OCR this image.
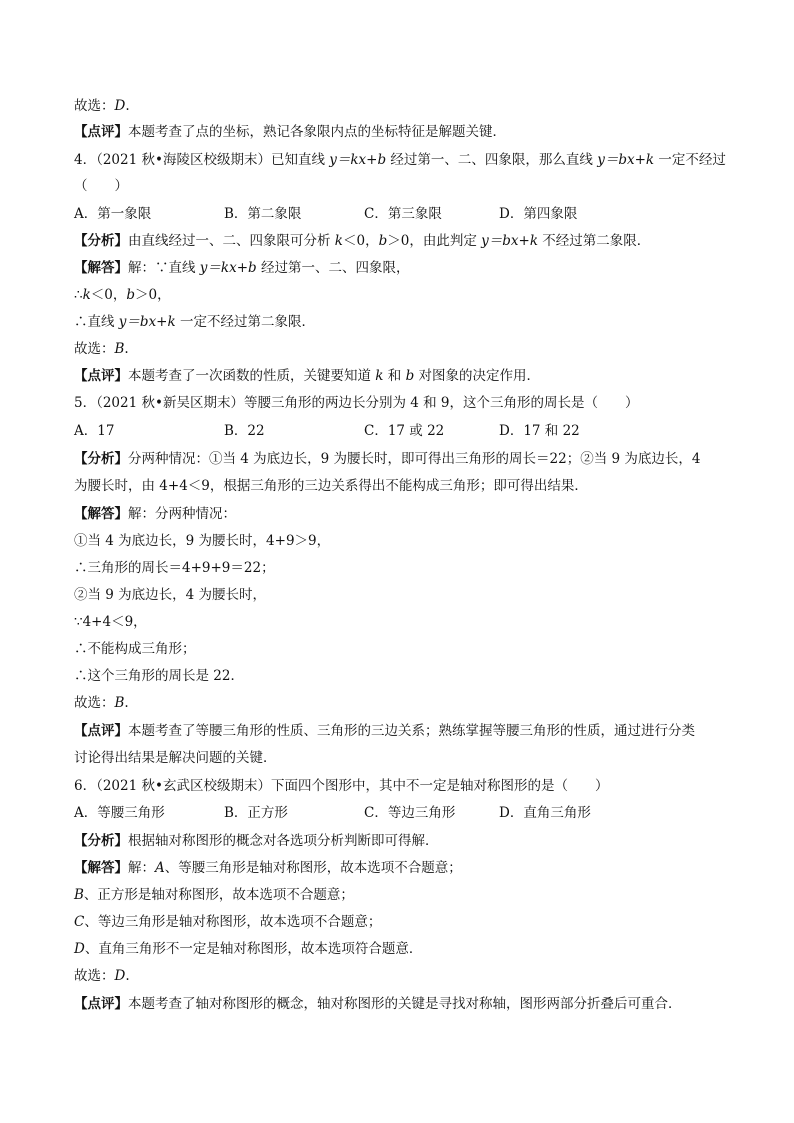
故选：D.
【点评】本题考查了点的坐标，熟记各象限内点的坐标特征是解题关键．
4．（2021 秋•海陵区校级期末）已知直线 y＝kx+b 经过第一、二、四象限，那么直线 y＝bx+k 一定不经过
（　　）
A．第一象限	B．第二象限	C．第三象限	D．第四象限
【分析】由直线经过一、二、四象限可分析 k＜0，b＞0，由此判定 y＝bx+k 不经过第二象限．
【解答】解：∵直线 y＝kx+b 经过第一、二、四象限，
∴k＜0，b＞0，
∴直线 y＝bx+k 一定不经过第二象限．
故选：B.
【点评】本题考查了一次函数的性质，关键要知道 k 和 b 对图象的决定作用．
5．（2021 秋•新吴区期末）等腰三角形的两边长分别为 4 和 9，这个三角形的周长是（　　）
A．17	B．22	C．17 或 22	D．17 和 22
【分析】分两种情况：①当 4 为底边长，9 为腰长时，即可得出三角形的周长＝22；②当 9 为底边长，4
为腰长时，由 4+4＜9，根据三角形的三边关系得出不能构成三角形；即可得出结果．
【解答】解：分两种情况：
①当 4 为底边长，9 为腰长时，4+9＞9，
∴三角形的周长＝4+9+9＝22；
②当 9 为底边长，4 为腰长时，
∵4+4＜9，
∴不能构成三角形；
∴这个三角形的周长是 22．
故选：B.
【点评】本题考查了等腰三角形的性质、三角形的三边关系；熟练掌握等腰三角形的性质，通过进行分类
讨论得出结果是解决问题的关键．
6．（2021 秋•玄武区校级期末）下面四个图形中，其中不一定是轴对称图形的是（　　）
A．等腰三角形	B．正方形	C．等边三角形	D．直角三角形
【分析】根据轴对称图形的概念对各选项分析判断即可得解．
【解答】解：A、等腰三角形是轴对称图形，故本选项不合题意；
B、正方形是轴对称图形，故本选项不合题意；
C、等边三角形是轴对称图形，故本选项不合题意；
D、直角三角形不一定是轴对称图形，故本选项符合题意．
故选：D.
【点评】本题考查了轴对称图形的概念，轴对称图形的关键是寻找对称轴，图形两部分折叠后可重合．
